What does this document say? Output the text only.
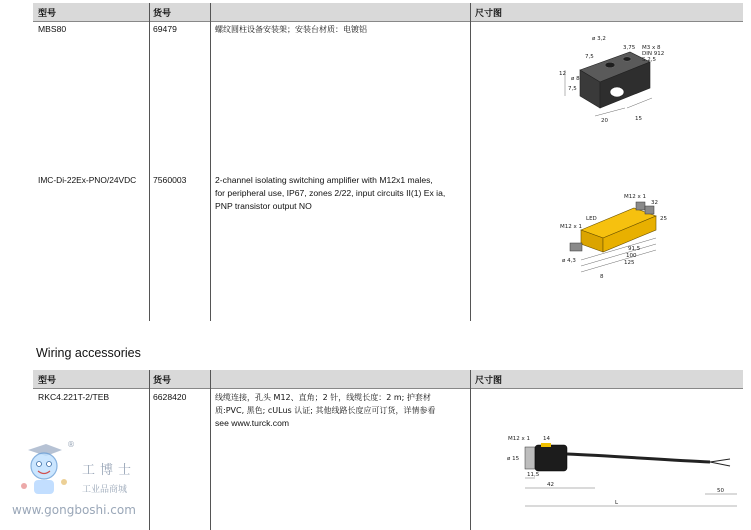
型号	货号	尺寸图
MBS80	69479	螺纹圆柱设备安装架；安装台材质：电镀铝
ø 3,2
3,75 M3 x 8
DIN 912
S 2,5
7,5
ø 8
12
7,5
20	15
IMC-Di-22Ex-PNO/24VDC 7560003	2-channel isolating switching amplifier with M12x1 males,
for peripheral use, IP67, zones 2/22, input circuits II(1) Ex ia,
PNP transistor output NO
M12 x 1
32
M12 x 1
LED	25
ø 4,3
91,5
100
125
8
Wiring accessories
型号	货号	尺寸图
RKC4.221T-2/TEB	6628420	线缆连接，孔头 M12、直角；2 针，线缆长度：2 m; 护套材
质:PVC, 黑色; cULus 认证; 其他线路长度应可订货，详情参看
see www.turck.com
M12 x 1 14
ø 15
11,5
42
50
L
®
工博士
工业品商城
www.gongboshi.com
